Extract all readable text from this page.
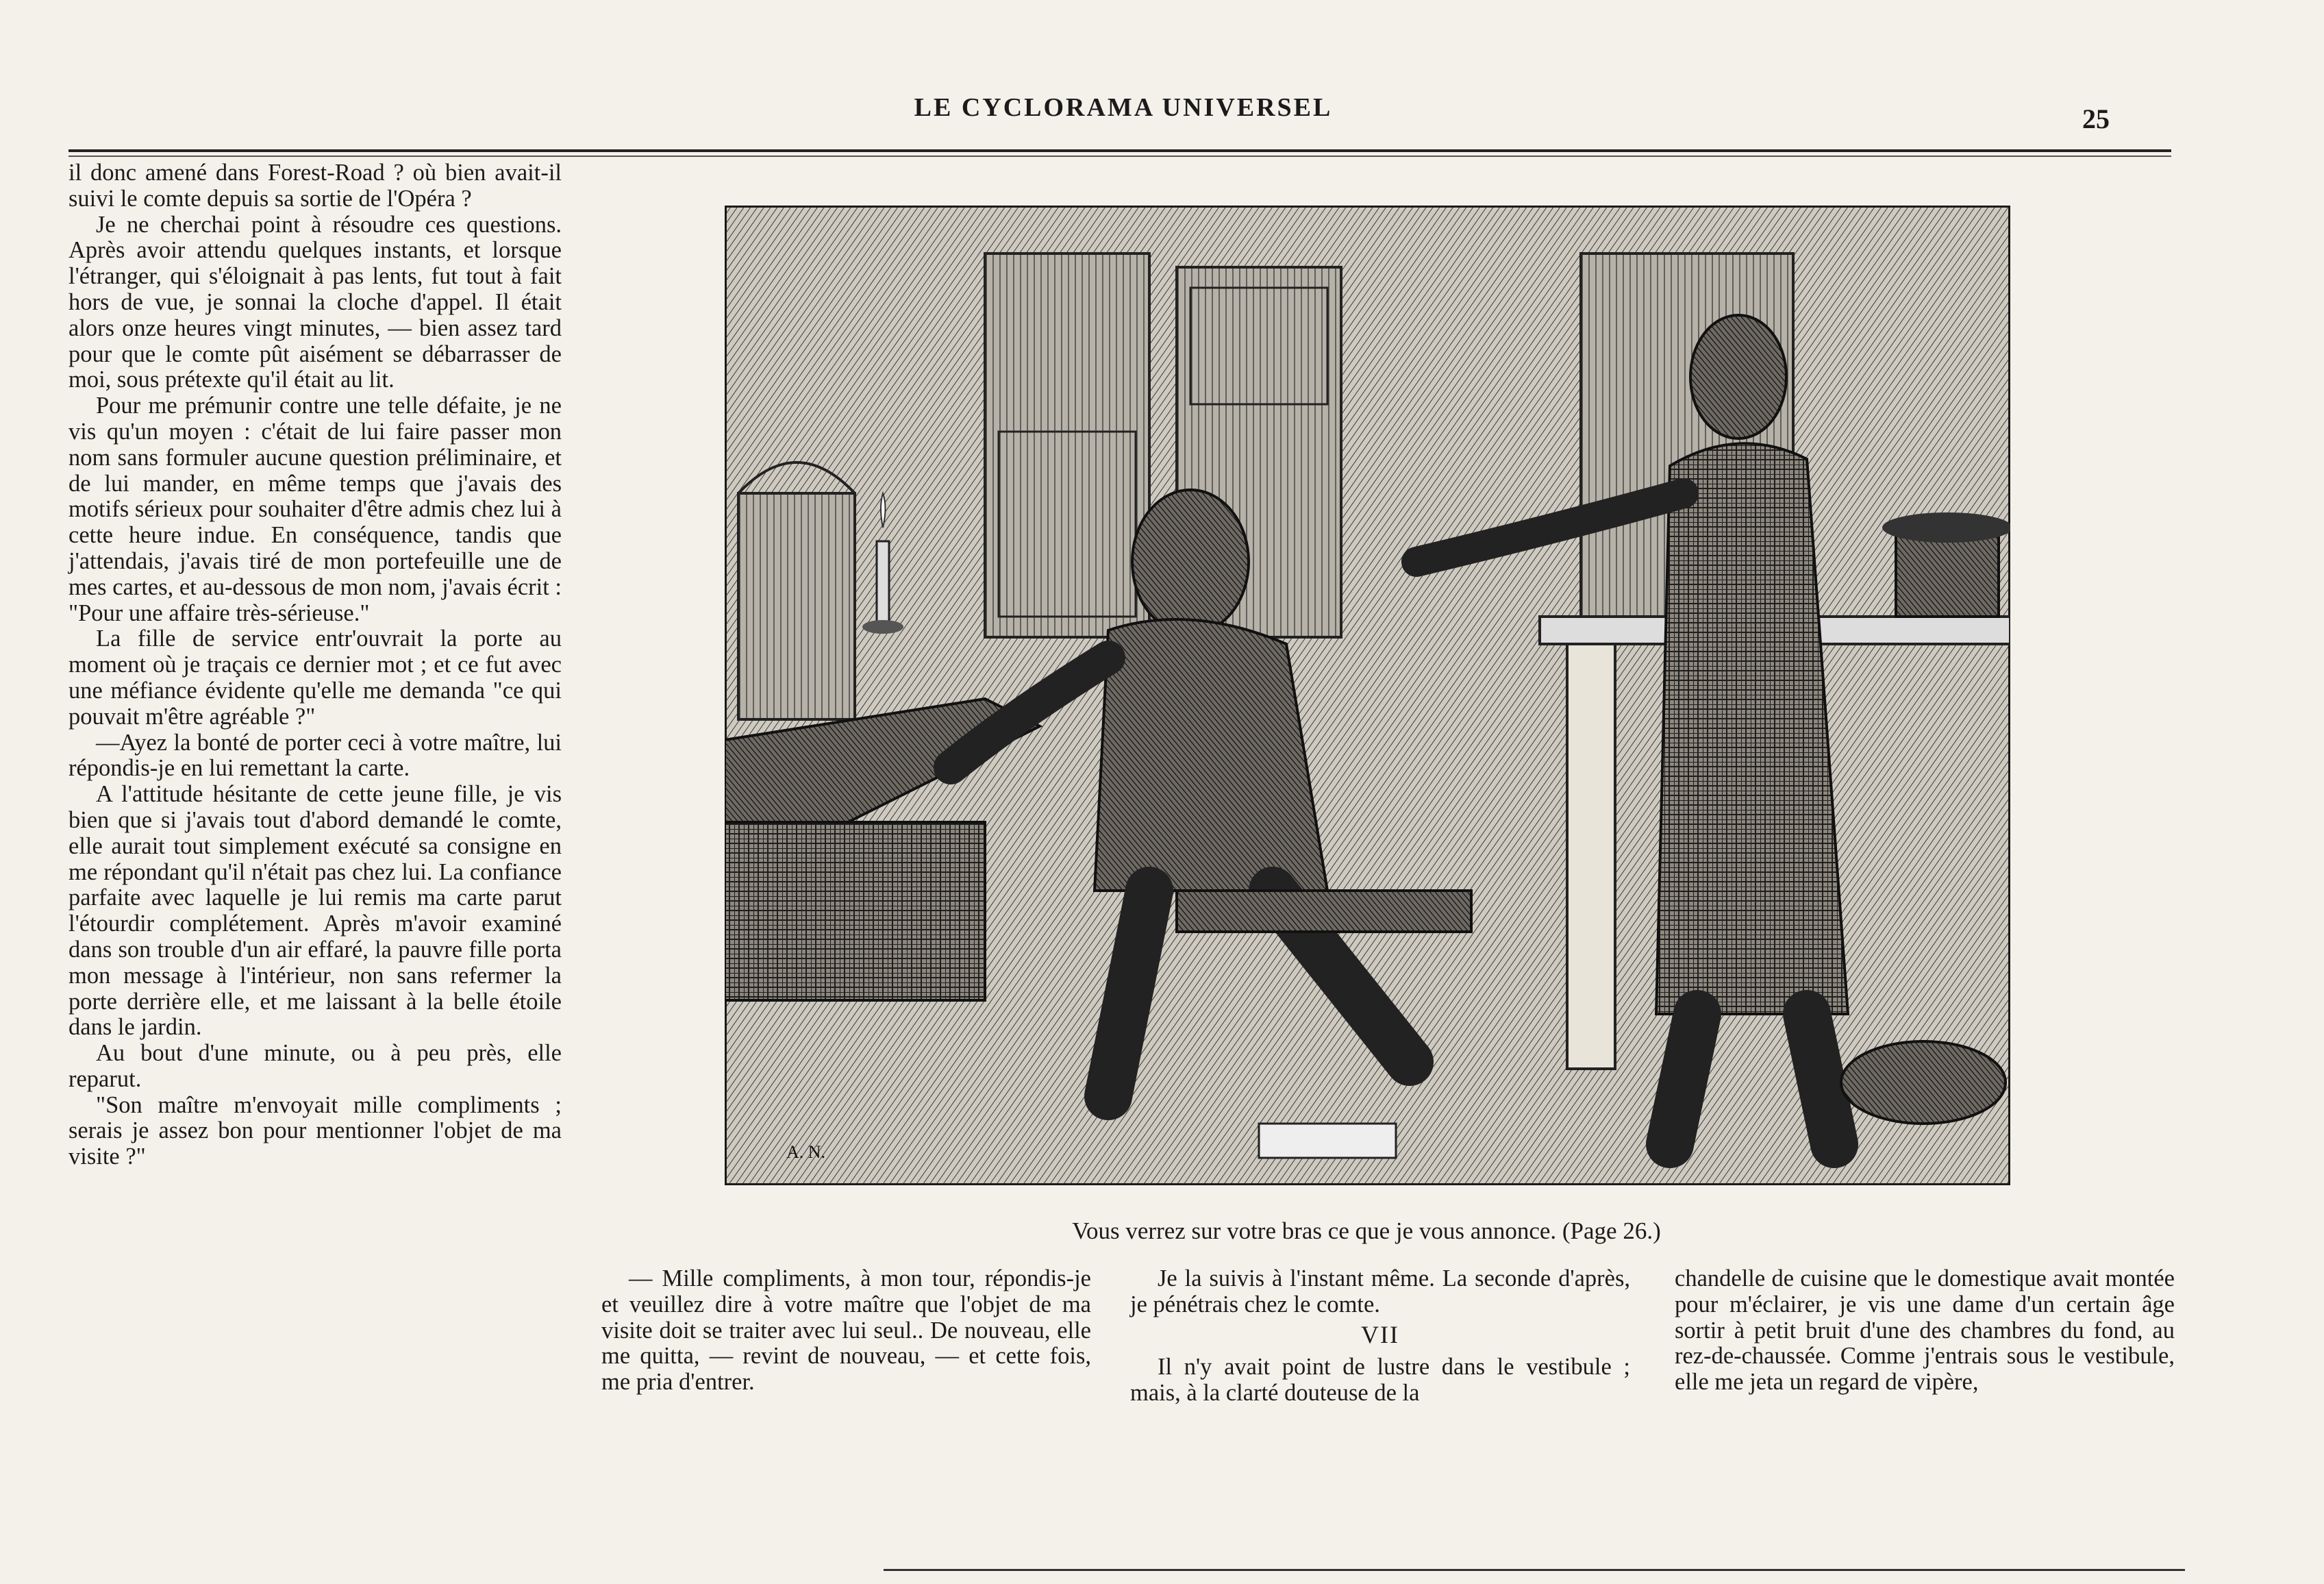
LE CYCLORAMA UNIVERSEL	25

il donc amené dans Forest-Road ? où bien avait-il suivi le comte depuis sa sortie de l'Opéra ?

Je ne cherchai point à résoudre ces questions. Après avoir attendu quelques instants, et lorsque l'étranger, qui s'éloignait à pas lents, fut tout à fait hors de vue, je sonnai la cloche d'appel. Il était alors onze heures vingt minutes, — bien assez tard pour que le comte pût aisément se débarrasser de moi, sous prétexte qu'il était au lit.

Pour me prémunir contre une telle défaite, je ne vis qu'un moyen : c'était de lui faire passer mon nom sans formuler aucune question préliminaire, et de lui mander, en même temps que j'avais des motifs sérieux pour souhaiter d'être admis chez lui à cette heure indue. En conséquence, tandis que j'attendais, j'avais tiré de mon portefeuille une de mes cartes, et au-dessous de mon nom, j'avais écrit : "Pour une affaire très-sérieuse."

La fille de service entr'ouvrait la porte au moment où je traçais ce dernier mot ; et ce fut avec une méfiance évidente qu'elle me demanda "ce qui pouvait m'être agréable ?"

—Ayez la bonté de porter ceci à votre maître, lui répondis-je en lui remettant la carte.

A l'attitude hésitante de cette jeune fille, je vis bien que si j'avais tout d'abord demandé le comte, elle aurait tout simplement exécuté sa consigne en me répondant qu'il n'était pas chez lui. La confiance parfaite avec laquelle je lui remis ma carte parut l'étourdir complétement. Après m'avoir examiné dans son trouble d'un air effaré, la pauvre fille porta mon message à l'intérieur, non sans refermer la porte derrière elle, et me laissant à la belle étoile dans le jardin.

Au bout d'une minute, ou à peu près, elle reparut.

"Son maître m'envoyait mille compliments ; serais je assez bon pour mentionner l'objet de ma visite ?"	A. N.
Vous verrez sur votre bras ce que je vous annonce. (Page 26.)

— Mille compliments, à mon tour, répondis-je et veuillez dire à votre maître que l'objet de ma visite doit se traiter avec lui seul.. De nouveau, elle me quitta, — revint de nouveau, — et cette fois, me pria d'entrer.

Je la suivis à l'instant même. La seconde d'après, je pénétrais chez le comte.

VII

Il n'y avait point de lustre dans le vestibule ; mais, à la clarté douteuse de la

chandelle de cuisine que le domestique avait montée pour m'éclairer, je vis une dame d'un certain âge sortir à petit bruit d'une des chambres du fond, au rez-de-chaussée. Comme j'entrais sous le vestibule, elle me jeta un regard de vipère,
